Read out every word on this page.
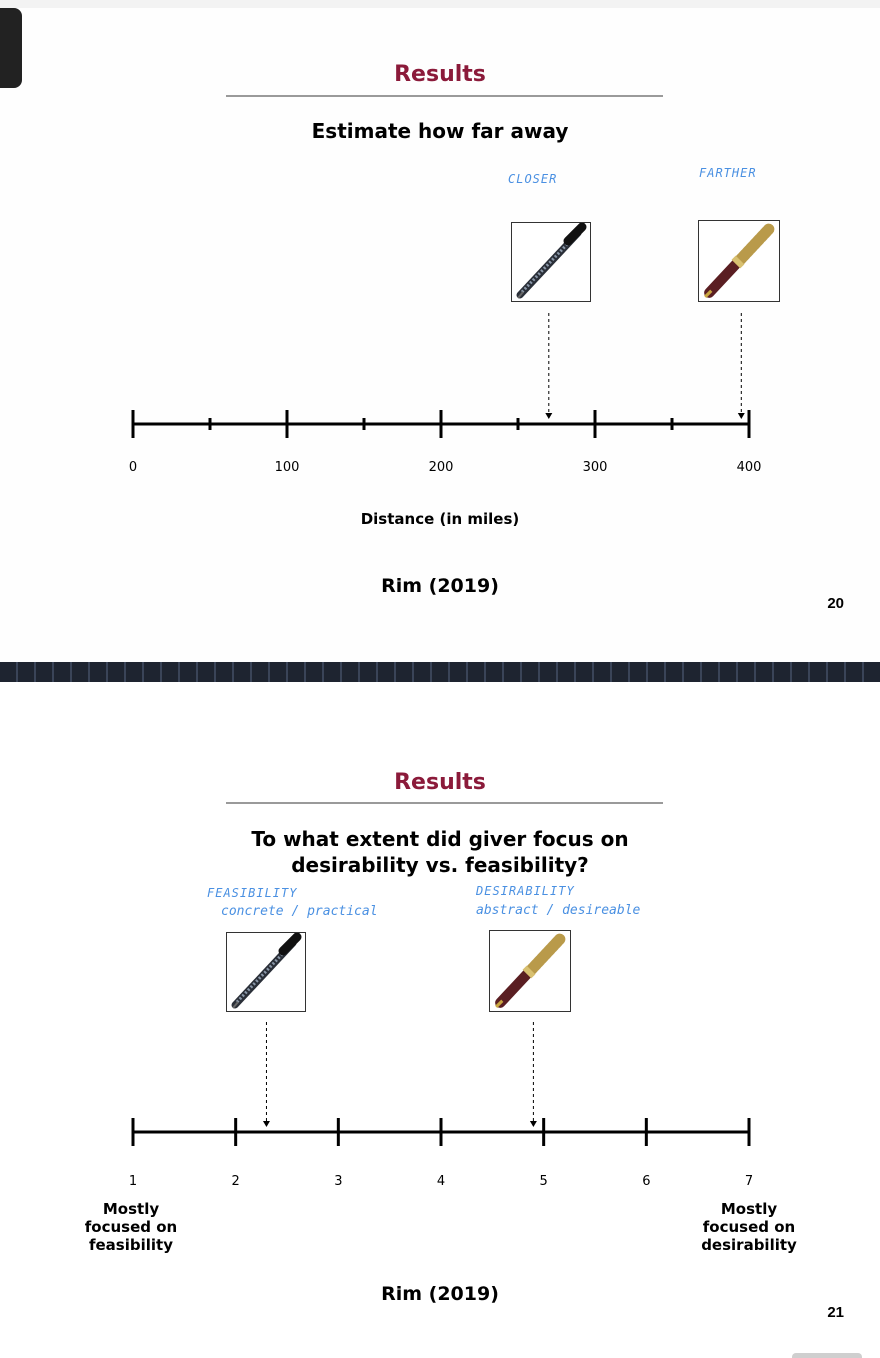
Results
Estimate how far away
CLOSER	FARTHER
0	100	200	300	400
Distance (in miles)
Rim (2019)
20
Results
To what extent did giver focus on
desirability vs. feasibility?
FEASIBILITY
concrete / practical
DESIRABILITY
abstract / desireable
1	2	3	4	5	6	7
Mostly
focused on
feasibility
Mostly
focused on
desirability
Rim (2019)
21
